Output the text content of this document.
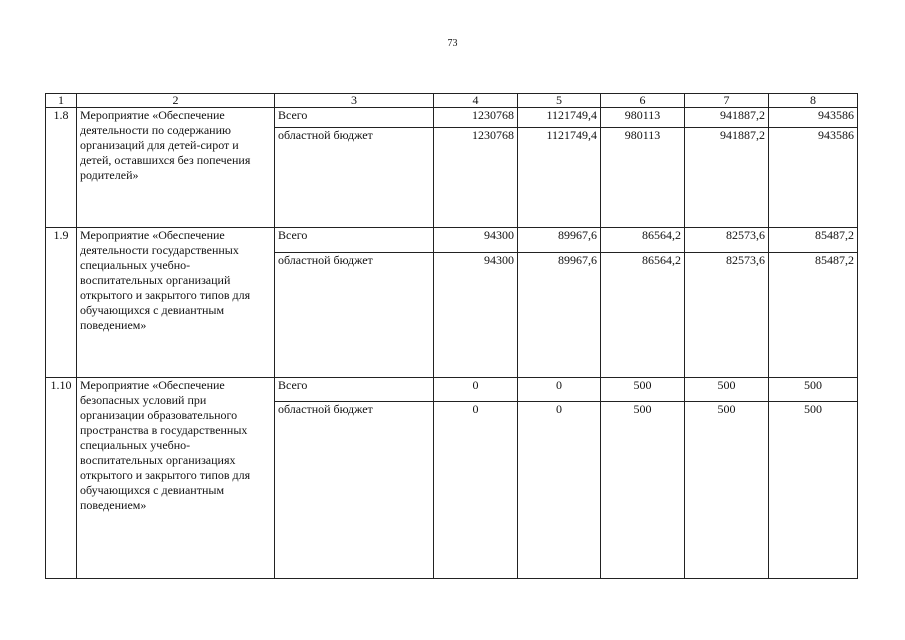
73
1	2	3	4	5	6	7	8
1.8	Мероприятие «Обеспечение деятельности по содержанию организаций для детей-сирот и детей, оставшихся без попечения родителей»	Всего	1230768	1121749,4	980113	941887,2	943586
		областной бюджет	1230768	1121749,4	980113	941887,2	943586
1.9	Мероприятие «Обеспечение деятельности государственных специальных учебно-воспитательных организаций открытого и закрытого типов для обучающихся с девиантным поведением»	Всего	94300	89967,6	86564,2	82573,6	85487,2
		областной бюджет	94300	89967,6	86564,2	82573,6	85487,2
1.10	Мероприятие «Обеспечение безопасных условий при организации образовательного пространства в государственных специальных учебно-воспитательных организациях открытого и закрытого типов для обучающихся с девиантным поведением»	Всего	0	0	500	500	500
		областной бюджет	0	0	500	500	500
